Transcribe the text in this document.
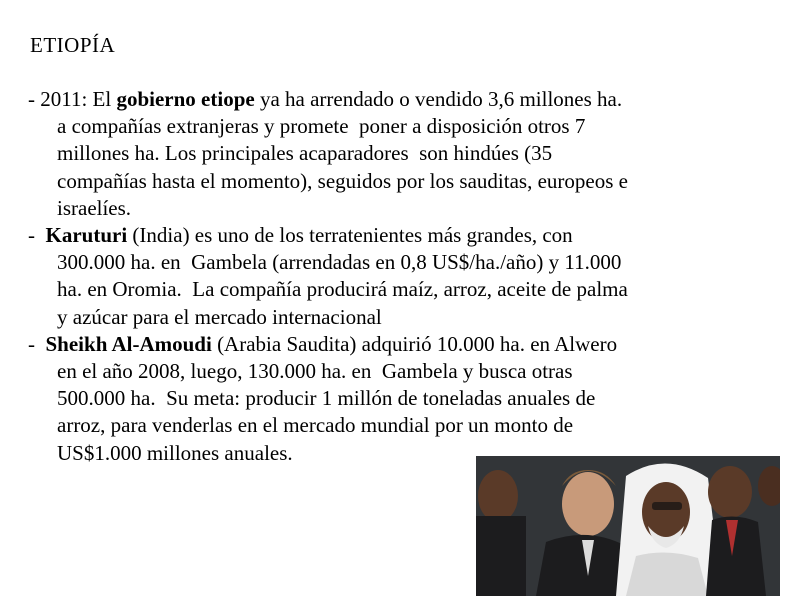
ETIOPÍA
- 2011: El gobierno etiope ya ha arrendado o vendido 3,6 millones ha.
a compañías extranjeras y promete  poner a disposición otros 7
millones ha. Los principales acaparadores  son hindúes (35
compañías hasta el momento), seguidos por los sauditas, europeos e
israelíes.
-  Karuturi (India) es uno de los terratenientes más grandes, con
300.000 ha. en  Gambela (arrendadas en 0,8 US$/ha./año) y 11.000
ha. en Oromia.  La compañía producirá maíz, arroz, aceite de palma
y azúcar para el mercado internacional
-  Sheikh Al-Amoudi (Arabia Saudita) adquirió 10.000 ha. en Alwero
en el año 2008, luego, 130.000 ha. en  Gambela y busca otras
500.000 ha.  Su meta: producir 1 millón de toneladas anuales de
arroz, para venderlas en el mercado mundial por un monto de
US$1.000 millones anuales.
